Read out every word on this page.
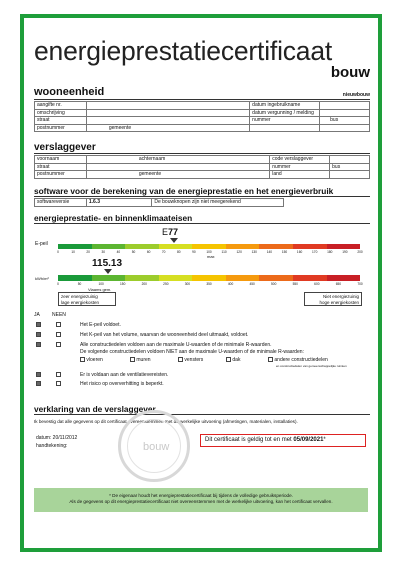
energieprestatiecertificaat
bouw
wooneenheid	nieuwbouw
aangifte nr.		datum ingebruikname	
omschrijving		datum vergunning / melding	
straat		nummer	bus
postnummer	gemeente		
verslaggever
voornaam	achternaam	code verslaggever	
straat		nummer	bus
postnummer	gemeente	land	
software voor de berekening van de energieprestatie en het energieverbruik
softwareversie	1.6.3	De bouwknopen zijn niet meegerekend
energieprestatie- en binnenklimaateisen
E77
E-peil
0	10	20	30	40	50	60	70	80	90	100	110	120	130	140	150	160	170	180	190	200
max
115.13
kWh/m²
0	50	100	150	200	250	300	350	400	450	500	550	600	650	700
Vlaams gem.
zeer energiezuinig
lage energiekosten
Niet energiezuinig
hoge energiekosten
JA NEEN
Het E-peil voldoet.
Het K-peil van het volume, waarvan de wooneenheid deel uitmaakt, voldoet.
Alle constructiedelen voldoen aan de maximale U-waarden of de minimale R-waarden.
De volgende constructiedelen voldoen NIET aan de maximale U-waarden of de minimale R-waarden:
vloeren	muren	vensters	dak	andere constructiedelen
en constructiedelen van gemeenschappelijke ruimten
Er is voldaan aan de ventilatievereisten.
Het risico op oververhitting is beperkt.
verklaring van de verslaggever
Ik bevestig dat alle gegevens op dit certificaat overeenstemmen met de werkelijke uitvoering (afmetingen, materialen, installaties).
datum: 20/11/2012
handtekening:	bouw
Dit certificaat is geldig tot en met 05/09/2021*
* De eigenaar houdt het energieprestatiecertificaat bij tijdens de volledige gebruiksperiode.
Als de gegevens op dit energieprestatiecertificaat niet overeenstemmen met de werkelijke uitvoering, kan het certificaat vervallen.
